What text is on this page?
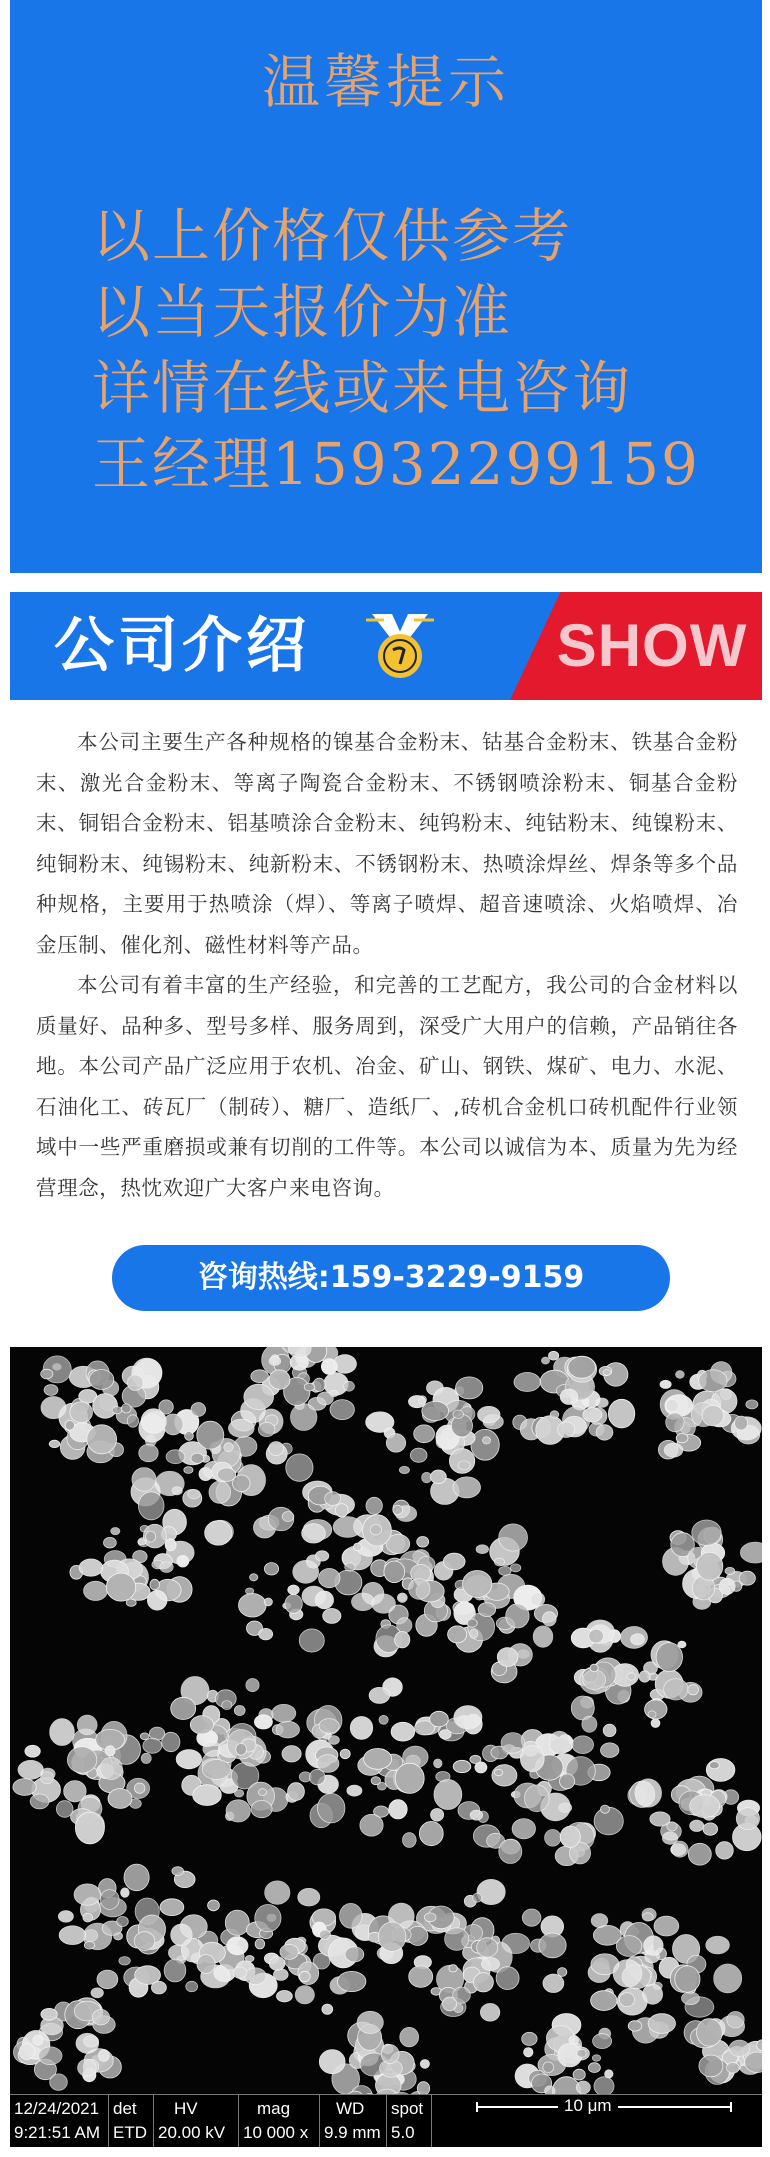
温馨提示
以上价格仅供参考
以当天报价为准
详情在线或来电咨询
王经理15932299159
公司介绍	SHOW

本公司主要生产各种规格的镍基合金粉末、钴基合金粉末、铁基合金粉末、激光合金粉末、等离子陶瓷合金粉末、不锈钢喷涂粉末、铜基合金粉末、铜铝合金粉末、铝基喷涂合金粉末、纯钨粉末、纯钴粉末、纯镍粉末、纯铜粉末、纯锡粉末、纯新粉末、不锈钢粉末、热喷涂焊丝、焊条等多个品种规格，主要用于热喷涂（焊）、等离子喷焊、超音速喷涂、火焰喷焊、冶金压制、催化剂、磁性材料等产品。

本公司有着丰富的生产经验，和完善的工艺配方，我公司的合金材料以质量好、品种多、型号多样、服务周到，深受广大用户的信赖，产品销往各地。本公司产品广泛应用于农机、冶金、矿山、钢铁、煤矿、电力、水泥、石油化工、砖瓦厂（制砖）、糖厂、造纸厂、,砖机合金机口砖机配件行业领域中一些严重磨损或兼有切削的工件等。本公司以诚信为本、质量为先为经营理念，热忱欢迎广大客户来电咨询。

咨询热线:159-3229-9159
12/24/2021
9:21:51 AM
det
ETD
HV
20.00 kV
mag
10 000 x
WD
9.9 mm
spot
5.0
10 μm
